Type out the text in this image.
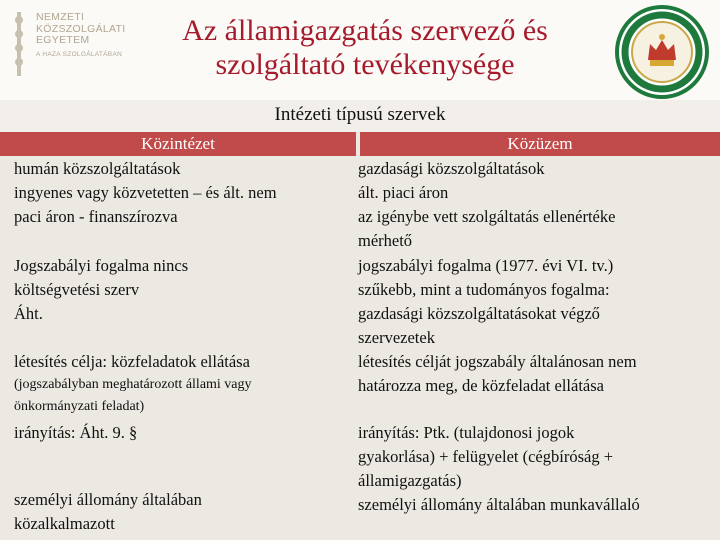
NEMZETI
KÖZSZOLGÁLATI
EGYETEM
A HAZA SZOLGÁLATÁBAN
Az államigazgatás szervező és
szolgáltató tevékenysége
Intézeti típusú szervek
Közintézet	Közüzem
humán közszolgáltatások
ingyenes vagy közvetetten – és ált. nem
paci áron - finanszírozva
Jogszabályi fogalma nincs
költségvetési szerv
Áht.
létesítés célja: közfeladatok ellátása
(jogszabályban meghatározott állami vagy
önkormányzati feladat)
irányítás: Áht. 9. §
személyi állomány általában
közalkalmazott
gazdasági közszolgáltatások
ált. piaci áron
az igénybe vett szolgáltatás ellenértéke
mérhető
jogszabályi fogalma (1977. évi VI. tv.)
szűkebb, mint a tudományos fogalma:
gazdasági közszolgáltatásokat végző
szervezetek
létesítés célját jogszabály általánosan nem
határozza meg, de közfeladat ellátása
irányítás: Ptk. (tulajdonosi jogok
gyakorlása) + felügyelet (cégbíróság +
államigazgatás)
személyi állomány általában munkavállaló
